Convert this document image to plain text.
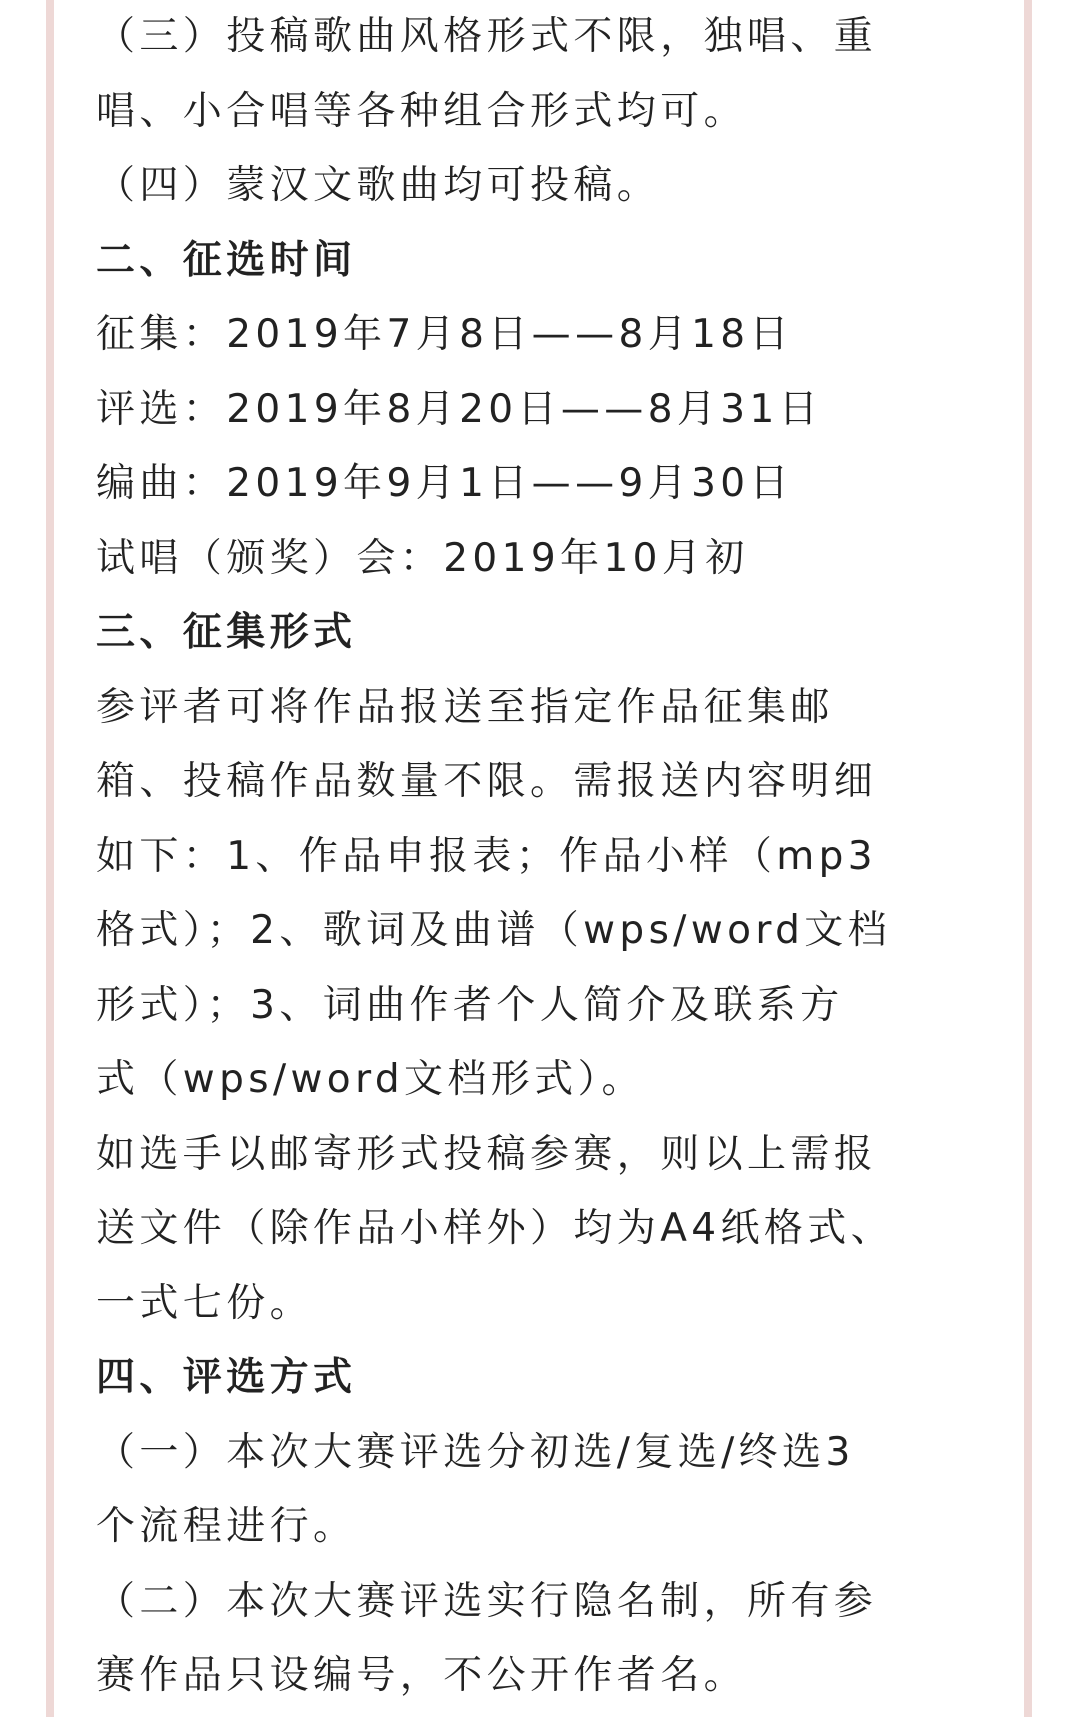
（三）投稿歌曲风格形式不限，独唱、重
唱、小合唱等各种组合形式均可。
（四）蒙汉文歌曲均可投稿。
二、征选时间
征集：2019年7月8日——8月18日
评选：2019年8月20日——8月31日
编曲：2019年9月1日——9月30日
试唱（颁奖）会：2019年10月初
三、征集形式
参评者可将作品报送至指定作品征集邮
箱、投稿作品数量不限。需报送内容明细
如下：1、作品申报表；作品小样（mp3
格式）；2、歌词及曲谱（wps/word文档
形式）；3、词曲作者个人简介及联系方
式（wps/word文档形式）。
如选手以邮寄形式投稿参赛，则以上需报
送文件（除作品小样外）均为A4纸格式、
一式七份。
四、评选方式
（一）本次大赛评选分初选/复选/终选3
个流程进行。
（二）本次大赛评选实行隐名制，所有参
赛作品只设编号，不公开作者名。
